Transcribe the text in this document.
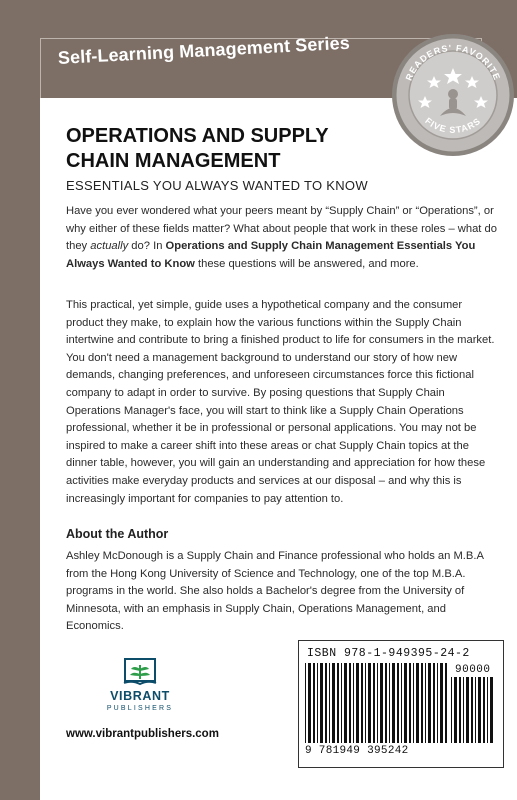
Self-Learning Management Series
READERS' FAVORITE
FIVE STARS
OPERATIONS AND SUPPLY
CHAIN MANAGEMENT
ESSENTIALS YOU ALWAYS WANTED TO KNOW
Have you ever wondered what your peers meant by “Supply Chain” or “Operations”, or why either of these fields matter? What about people that work in these roles – what do they actually do? In Operations and Supply Chain Management Essentials You Always Wanted to Know these questions will be answered, and more.
This practical, yet simple, guide uses a hypothetical company and the consumer product they make, to explain how the various functions within the Supply Chain intertwine and contribute to bring a finished product to life for consumers in the market. You don't need a management background to understand our story of how new demands, changing preferences, and unforeseen circumstances force this fictional company to adapt in order to survive. By posing questions that Supply Chain Operations Manager's face, you will start to think like a Supply Chain Operations professional, whether it be in professional or personal applications. You may not be inspired to make a career shift into these areas or chat Supply Chain topics at the dinner table, however, you will gain an understanding and appreciation for how these activities make everyday products and services at our disposal – and why this is increasingly important for companies to pay attention to.
About the Author
Ashley McDonough is a Supply Chain and Finance professional who holds an M.B.A from the Hong Kong University of Science and Technology, one of the top M.B.A. programs in the world. She also holds a Bachelor's degree from the University of Minnesota, with an emphasis in Supply Chain, Operations Management, and Economics.
VIBRANT
PUBLISHERS
www.vibrantpublishers.com
ISBN 978-1-949395-24-2
90000
9 781949 395242
